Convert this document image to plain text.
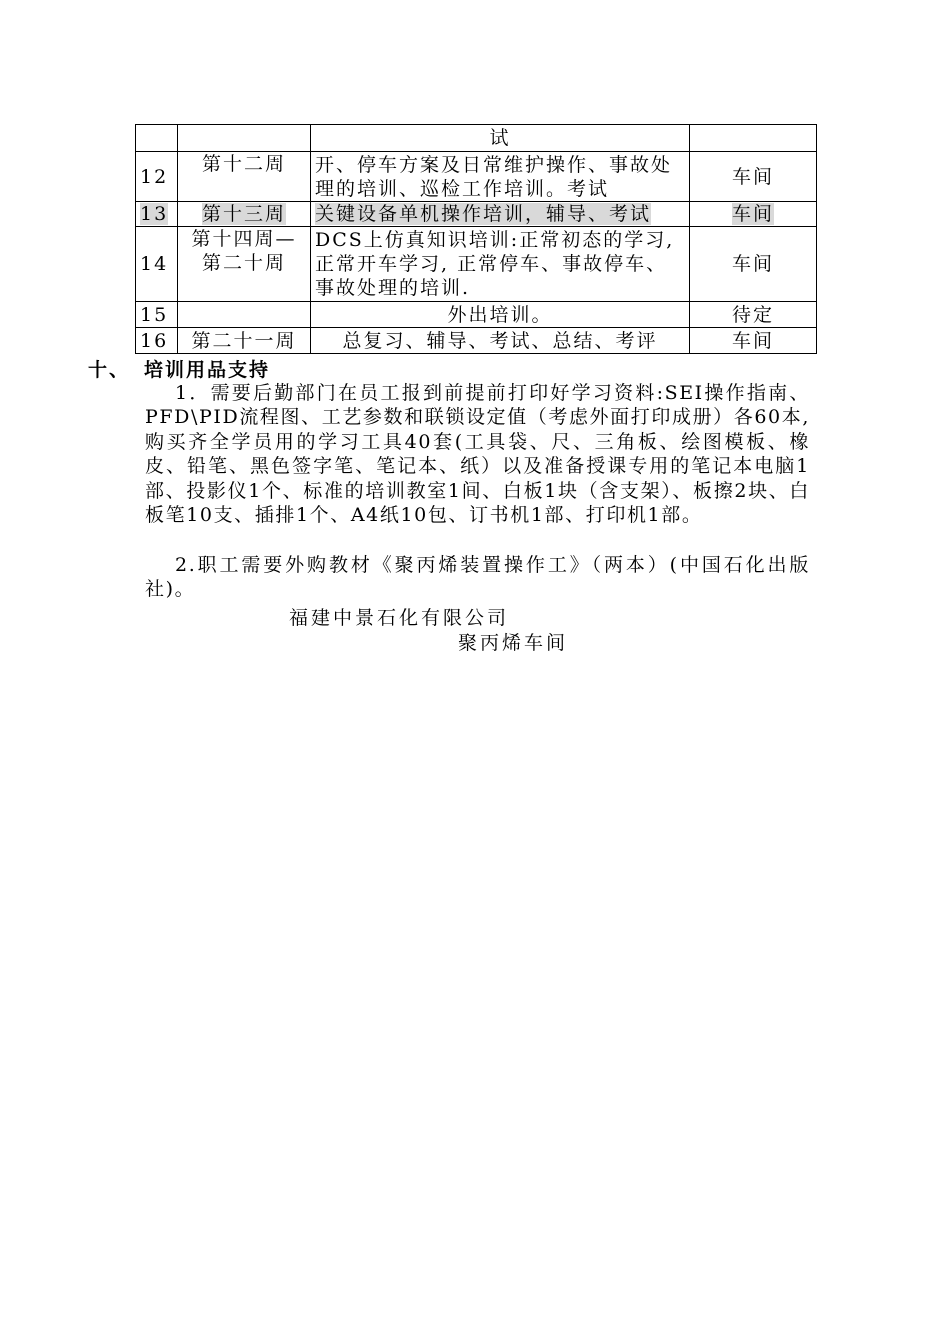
		试	
12	第十二周	开、停车方案及日常维护操作、事故处理的培训、巡检工作培训。考试	车间
13	第十三周	关键设备单机操作培训，辅导、考试	车间
14	第十四周—第二十周	DCS上仿真知识培训:正常初态的学习,正常开车学习, 正常停车、事故停车、事故处理的培训.	车间
15		外出培训。	待定
16	第二十一周	总复习、辅导、考试、总结、考评	车间
十、 培训用品支持
1．需要后勤部门在员工报到前提前打印好学习资料:SEI操作指南、PFD\PID流程图、工艺参数和联锁设定值（考虑外面打印成册）各60本,购买齐全学员用的学习工具40套(工具袋、尺、三角板、绘图模板、橡皮、铅笔、黑色签字笔、笔记本、纸）以及准备授课专用的笔记本电脑1部、投影仪1个、标准的培训教室1间、白板1块（含支架）、板擦2块、白板笔10支、插排1个、A4纸10包、订书机1部、打印机1部。
2.职工需要外购教材《聚丙烯装置操作工》（两本）(中国石化出版社)。
福建中景石化有限公司
聚丙烯车间
